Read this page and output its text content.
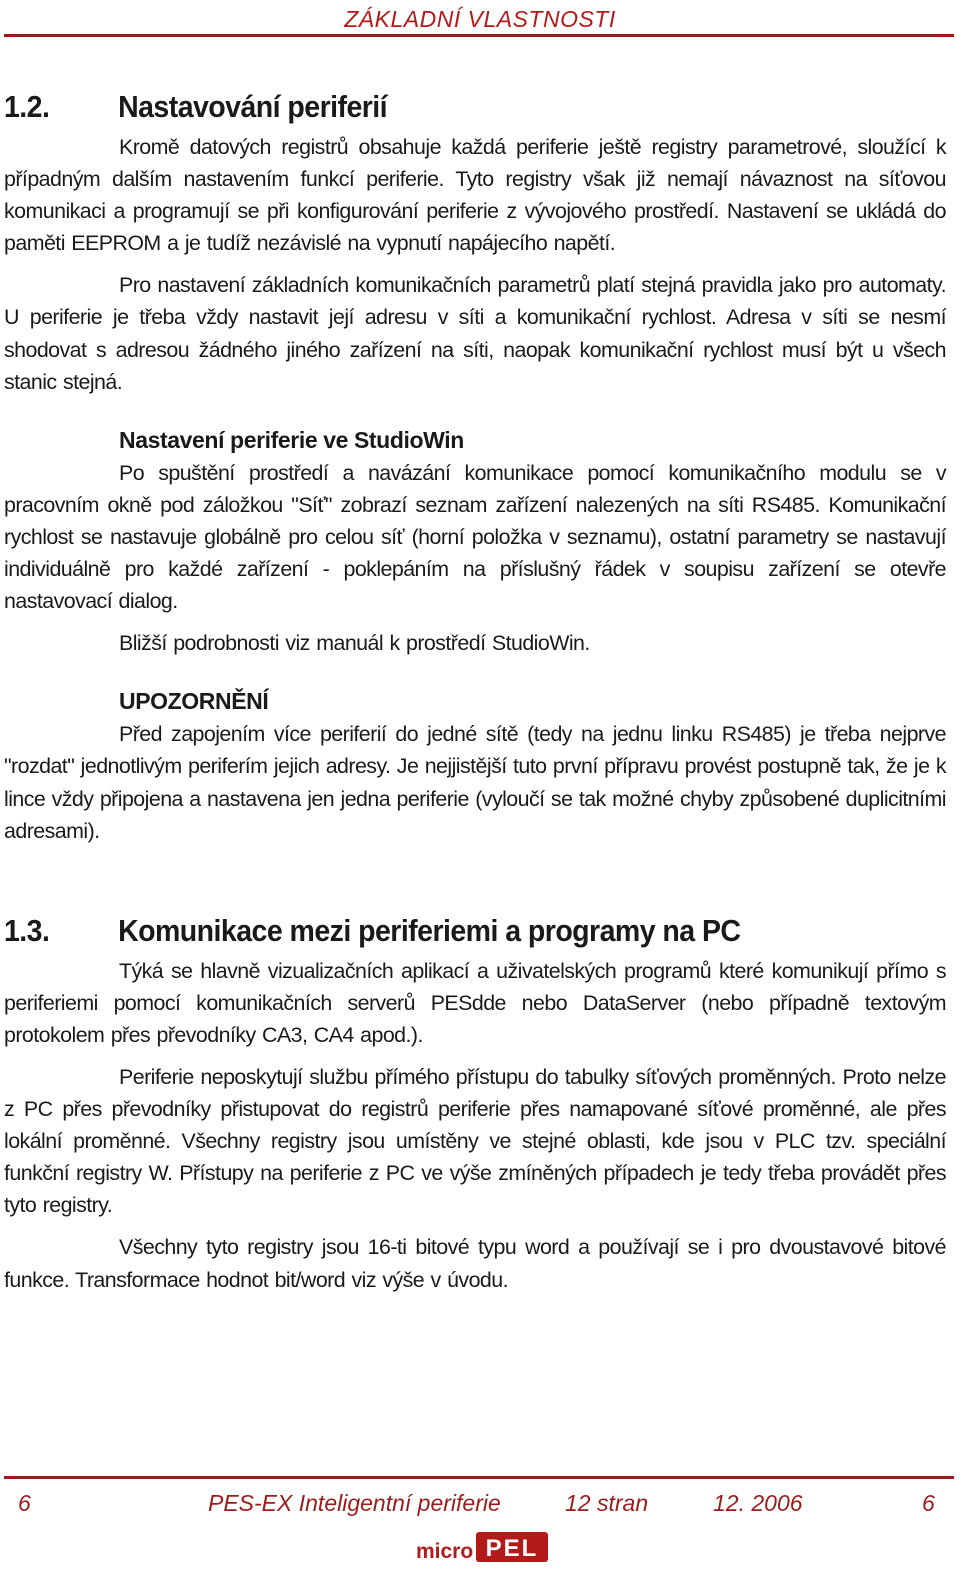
ZÁKLADNÍ VLASTNOSTI
1.2. Nastavování periferií

Kromě datových registrů obsahuje každá periferie ještě registry parametrové, sloužící k případným dalším nastavením funkcí periferie. Tyto registry však již nemají návaznost na síťovou komunikaci a programují se při konfigurování periferie z vývojového prostředí. Nastavení se ukládá do paměti EEPROM a je tudíž nezávislé na vypnutí napájecího napětí.

Pro nastavení základních komunikačních parametrů platí stejná pravidla jako pro automaty. U periferie je třeba vždy nastavit její adresu v síti a komunikační rychlost. Adresa v síti se nesmí shodovat s adresou žádného jiného zařízení na síti, naopak komunikační rychlost musí být u všech stanic stejná.

Nastavení periferie ve StudioWin

Po spuštění prostředí a navázání komunikace pomocí komunikačního modulu se v pracovním okně pod záložkou "Síť" zobrazí seznam zařízení nalezených na síti RS485. Komunikační rychlost se nastavuje globálně pro celou síť (horní položka v seznamu), ostatní parametry se nastavují individuálně pro každé zařízení - poklepáním na příslušný řádek v soupisu zařízení se otevře nastavovací dialog.

Bližší podrobnosti viz manuál k prostředí StudioWin.

UPOZORNĚNÍ

Před zapojením více periferií do jedné sítě (tedy na jednu linku RS485) je třeba nejprve "rozdat" jednotlivým periferím jejich adresy. Je nejjistější tuto první přípravu provést postupně tak, že je k lince vždy připojena a nastavena jen jedna periferie (vyloučí se tak možné chyby způsobené duplicitními adresami).

1.3. Komunikace mezi periferiemi a programy na PC

Týká se hlavně vizualizačních aplikací a uživatelských programů které komunikují přímo s periferiemi pomocí komunikačních serverů PESdde nebo DataServer (nebo případně textovým protokolem přes převodníky CA3, CA4 apod.).

Periferie neposkytují službu přímého přístupu do tabulky síťových proměnných. Proto nelze z PC přes převodníky přistupovat do registrů periferie přes namapované síťové proměnné, ale přes lokální proměnné. Všechny registry jsou umístěny ve stejné oblasti, kde jsou v PLC tzv. speciální funkční registry W. Přístupy na periferie z PC ve výše zmíněných případech je tedy třeba provádět přes tyto registry.

Všechny tyto registry jsou 16-ti bitové typu word a používají se i pro dvoustavové bitové funkce. Transformace hodnot bit/word viz výše v úvodu.

6	PES-EX Inteligentní periferie	12 stran	12. 2006	6
micro PEL
